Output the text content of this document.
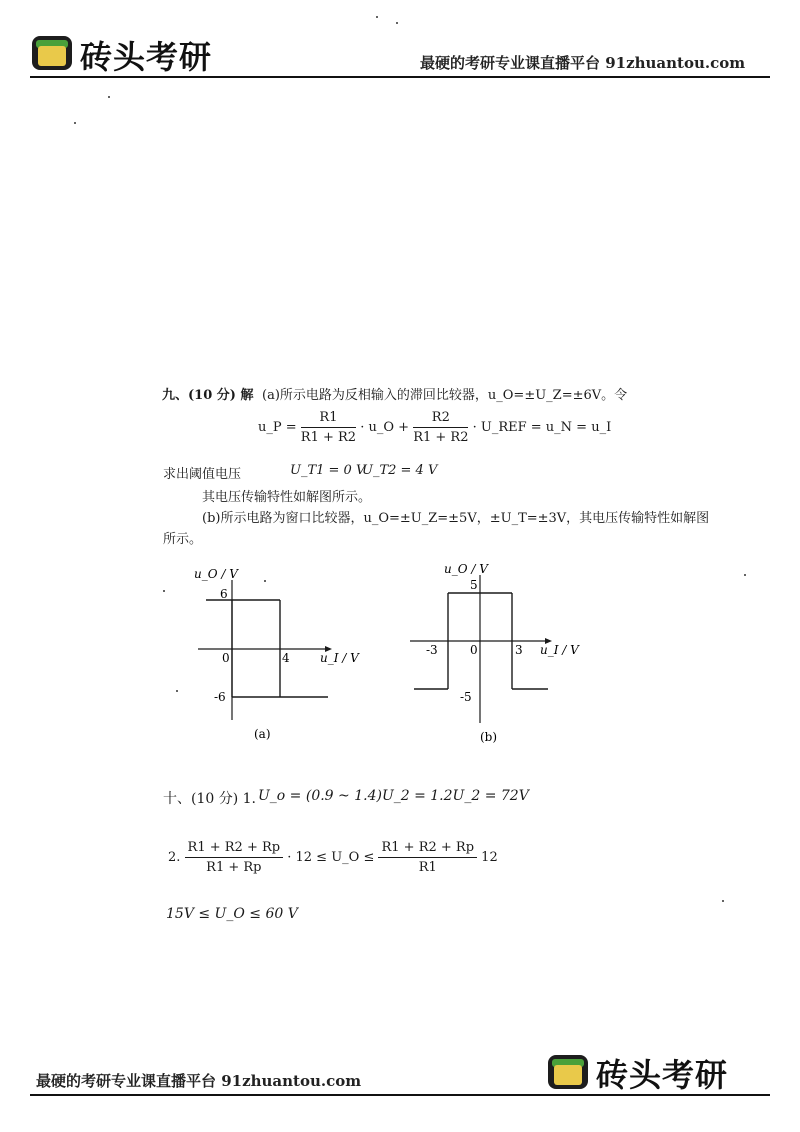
砖头考研	最硬的考研专业课直播平台 91zhuantou.com
九、(10 分) 解 (a)所示电路为反相输入的滞回比较器，u_O=±U_Z=±6V。令
u_P = $\frac{R1}{R1 + R2}$ · u_O + $\frac{R2}{R1 + R2}$ · U_REF = u_N = u_I
求出阈值电压	U_T1 = 0 V
U_T2 = 4 V
其电压传输特性如解图所示。
(b)所示电路为窗口比较器，u_O=±U_Z=±5V，±U_T=±3V，其电压传输特性如解图
所示。
u_O / V
6
0	4	u_I / V
-6
(a)
u_O / V
5
-3	0	3 u_I / V
-5
(b)
十、(10 分) 1. U_o = (0.9 ~ 1.4)U_2 = 1.2U_2 = 72V
2. $\frac{R1 + R2 + Rp}{R1 + Rp} \cdot 12$ ≤ U_O ≤ $\frac{R1 + R2 + Rp}{R1} 12$
15V ≤ U_O ≤ 60 V
最硬的考研专业课直播平台 91zhuantou.com	砖头考研
